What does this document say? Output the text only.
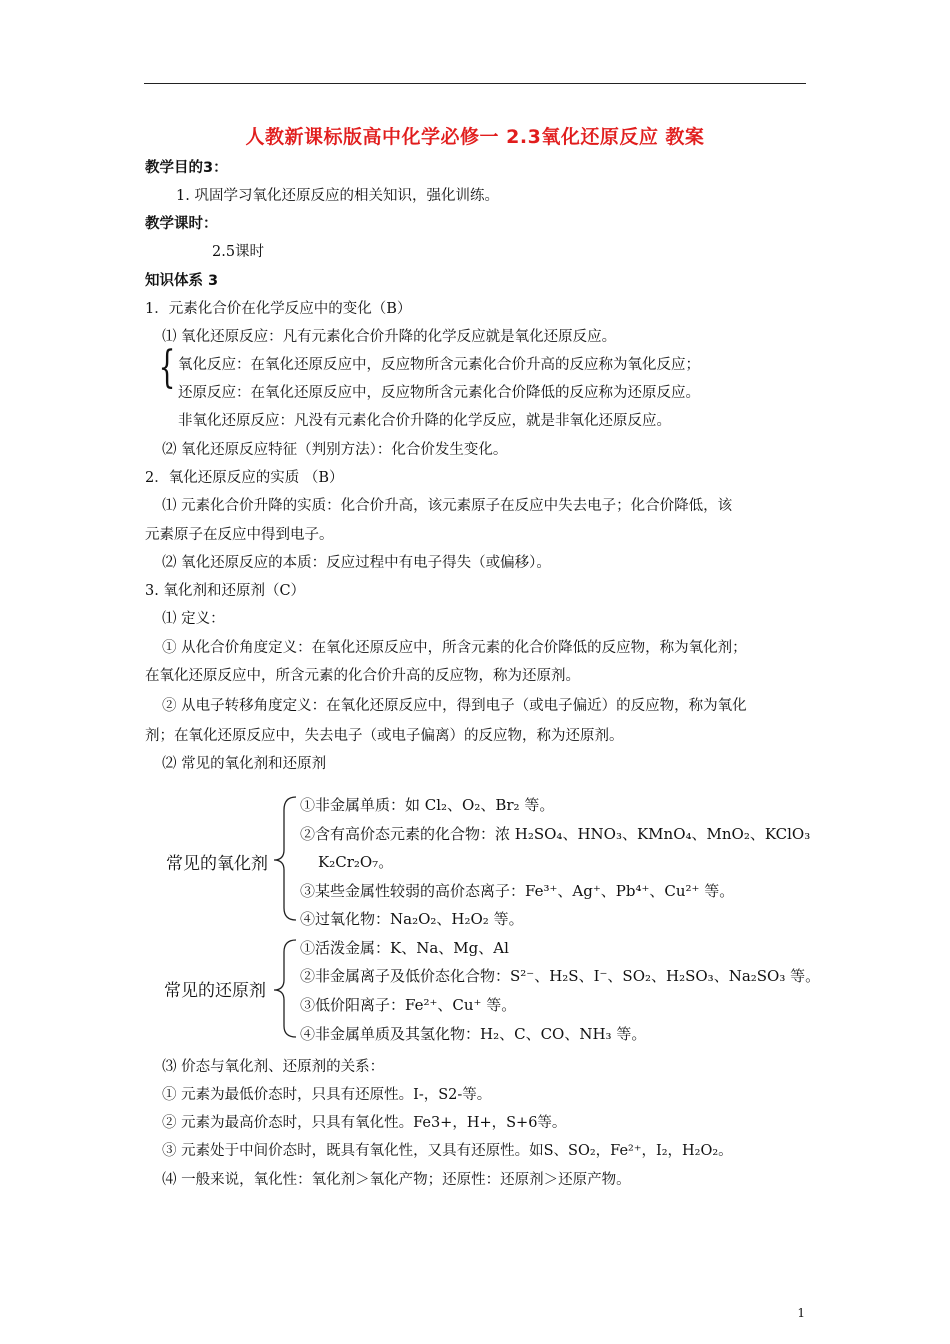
人教新课标版高中化学必修一 2.3氧化还原反应 教案
教学目的3：
1. 巩固学习氧化还原反应的相关知识，强化训练。
教学课时：
2.5课时
知识体系 3
1．元素化合价在化学反应中的变化（B）
⑴ 氧化还原反应：凡有元素化合价升降的化学反应就是氧化还原反应。
{ 氧化反应：在氧化还原反应中，反应物所含元素化合价升高的反应称为氧化反应；
还原反应：在氧化还原反应中，反应物所含元素化合价降低的反应称为还原反应。
非氧化还原反应：凡没有元素化合价升降的化学反应，就是非氧化还原反应。
⑵ 氧化还原反应特征（判别方法）：化合价发生变化。
2．氧化还原反应的实质 （B）
⑴ 元素化合价升降的实质：化合价升高，该元素原子在反应中失去电子；化合价降低，该
元素原子在反应中得到电子。
⑵ 氧化还原反应的本质：反应过程中有电子得失（或偏移）。
3. 氧化剂和还原剂（C）
⑴ 定义：
① 从化合价角度定义：在氧化还原反应中，所含元素的化合价降低的反应物，称为氧化剂；
在氧化还原反应中，所含元素的化合价升高的反应物，称为还原剂。
② 从电子转移角度定义：在氧化还原反应中，得到电子（或电子偏近）的反应物，称为氧化
剂；在氧化还原反应中，失去电子（或电子偏离）的反应物，称为还原剂。
⑵ 常见的氧化剂和还原剂
常见的氧化剂
①非金属单质：如 Cl₂、O₂、Br₂ 等。
②含有高价态元素的化合物：浓 H₂SO₄、HNO₃、KMnO₄、MnO₂、KClO₃
K₂Cr₂O₇。
③某些金属性较弱的高价态离子：Fe³⁺、Ag⁺、Pb⁴⁺、Cu²⁺ 等。
④过氧化物：Na₂O₂、H₂O₂ 等。
常见的还原剂
①活泼金属：K、Na、Mg、Al
②非金属离子及低价态化合物：S²⁻、H₂S、I⁻、SO₂、H₂SO₃、Na₂SO₃ 等。
③低价阳离子：Fe²⁺、Cu⁺ 等。
④非金属单质及其氢化物：H₂、C、CO、NH₃ 等。
⑶ 价态与氧化剂、还原剂的关系：
① 元素为最低价态时，只具有还原性。I-，S2-等。
② 元素为最高价态时，只具有氧化性。Fe3+，H+，S+6等。
③ 元素处于中间价态时，既具有氧化性，又具有还原性。如S、SO₂，Fe²⁺，I₂，H₂O₂。
⑷ 一般来说，氧化性：氧化剂＞氧化产物；还原性：还原剂＞还原产物。
1
